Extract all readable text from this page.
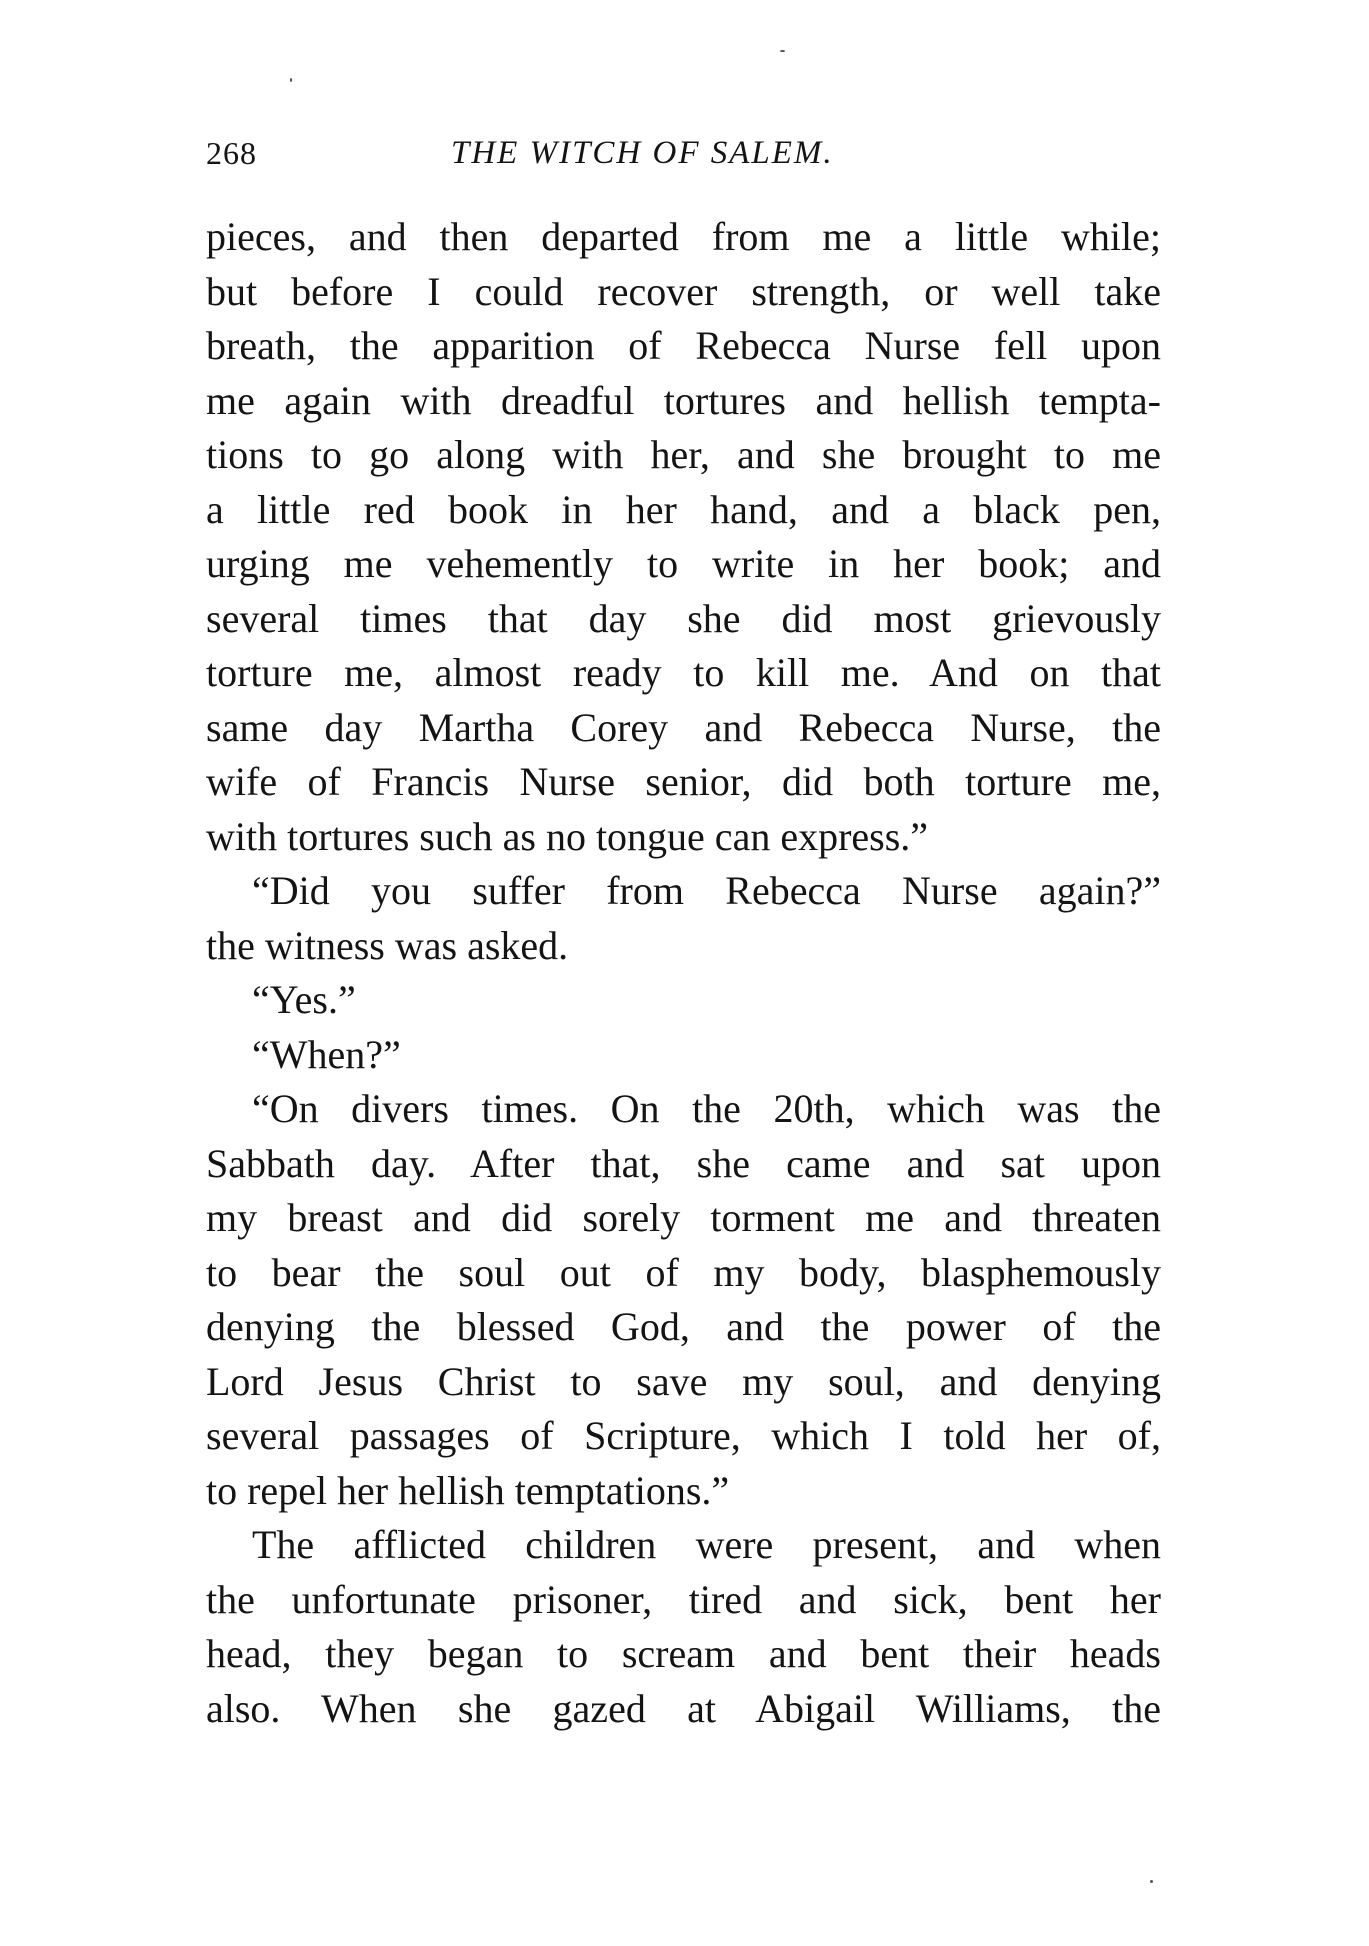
268	THE WITCH OF SALEM.
pieces, and then departed from me a little while;
but before I could recover strength, or well take
breath, the apparition of Rebecca Nurse fell upon
me again with dreadful tortures and hellish tempta-
tions to go along with her, and she brought to me
a little red book in her hand, and a black pen,
urging me vehemently to write in her book; and
several times that day she did most grievously
torture me, almost ready to kill me. And on that
same day Martha Corey and Rebecca Nurse, the
wife of Francis Nurse senior, did both torture me,
with tortures such as no tongue can express.”
“Did you suffer from Rebecca Nurse again?”
the witness was asked.
“Yes.”
“When?”
“On divers times. On the 20th, which was the
Sabbath day. After that, she came and sat upon
my breast and did sorely torment me and threaten
to bear the soul out of my body, blasphemously
denying the blessed God, and the power of the
Lord Jesus Christ to save my soul, and denying
several passages of Scripture, which I told her of,
to repel her hellish temptations.”
The afflicted children were present, and when
the unfortunate prisoner, tired and sick, bent her
head, they began to scream and bent their heads
also. When she gazed at Abigail Williams, the
